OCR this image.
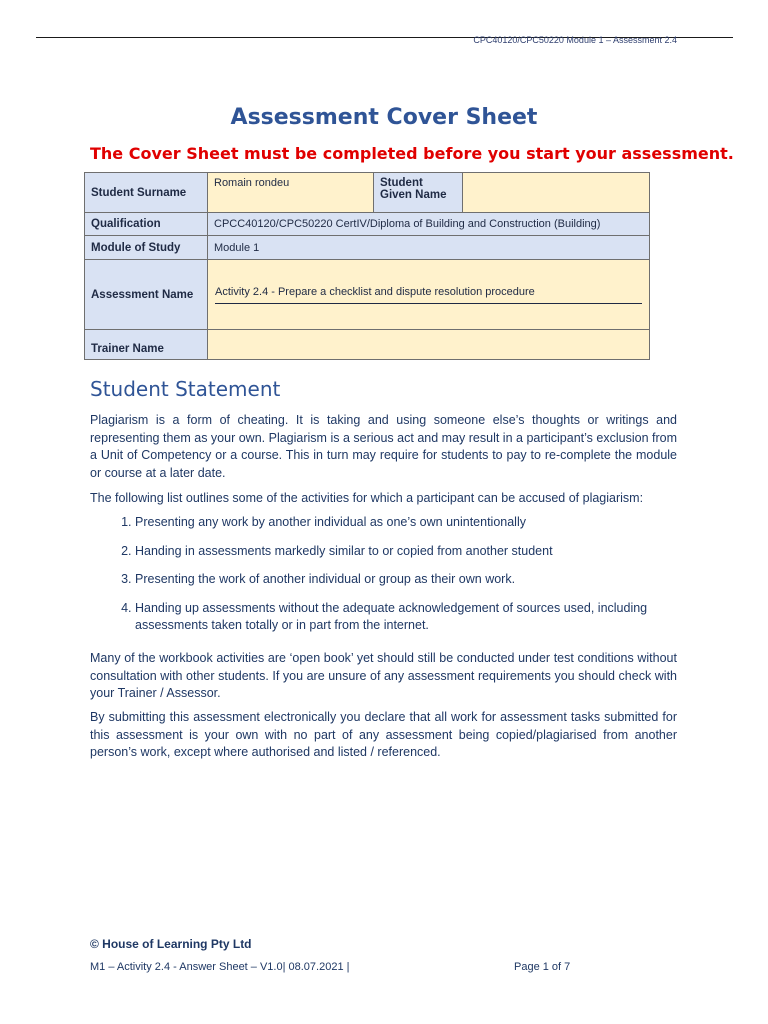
CPC40120/CPC50220 Module 1 – Assessment 2.4
Assessment Cover Sheet
The Cover Sheet must be completed before you start your assessment.
Student Surname	Romain rondeu	Student Given Name	
Qualification	CPCC40120/CPC50220 CertIV/Diploma of Building and Construction (Building)		
Module of Study	Module 1		
Assessment Name	Activity 2.4 - Prepare a checklist and dispute resolution procedure		

Trainer Name			
Student Statement
Plagiarism is a form of cheating. It is taking and using someone else’s thoughts or writings and representing them as your own. Plagiarism is a serious act and may result in a participant’s exclusion from a Unit of Competency or a course. This in turn may require for students to pay to re-complete the module or course at a later date.
The following list outlines some of the activities for which a participant can be accused of plagiarism:
1. Presenting any work by another individual as one’s own unintentionally
2. Handing in assessments markedly similar to or copied from another student
3. Presenting the work of another individual or group as their own work.
4. Handing up assessments without the adequate acknowledgement of sources used, including assessments taken totally or in part from the internet.
Many of the workbook activities are ‘open book’ yet should still be conducted under test conditions without consultation with other students. If you are unsure of any assessment requirements you should check with your Trainer / Assessor.
By submitting this assessment electronically you declare that all work for assessment tasks submitted for this assessment is your own with no part of any assessment being copied/plagiarised from another person’s work, except where authorised and listed / referenced.
© House of Learning Pty Ltd
M1 – Activity 2.4 - Answer Sheet – V1.0| 08.07.2021 |	Page 1 of 7
